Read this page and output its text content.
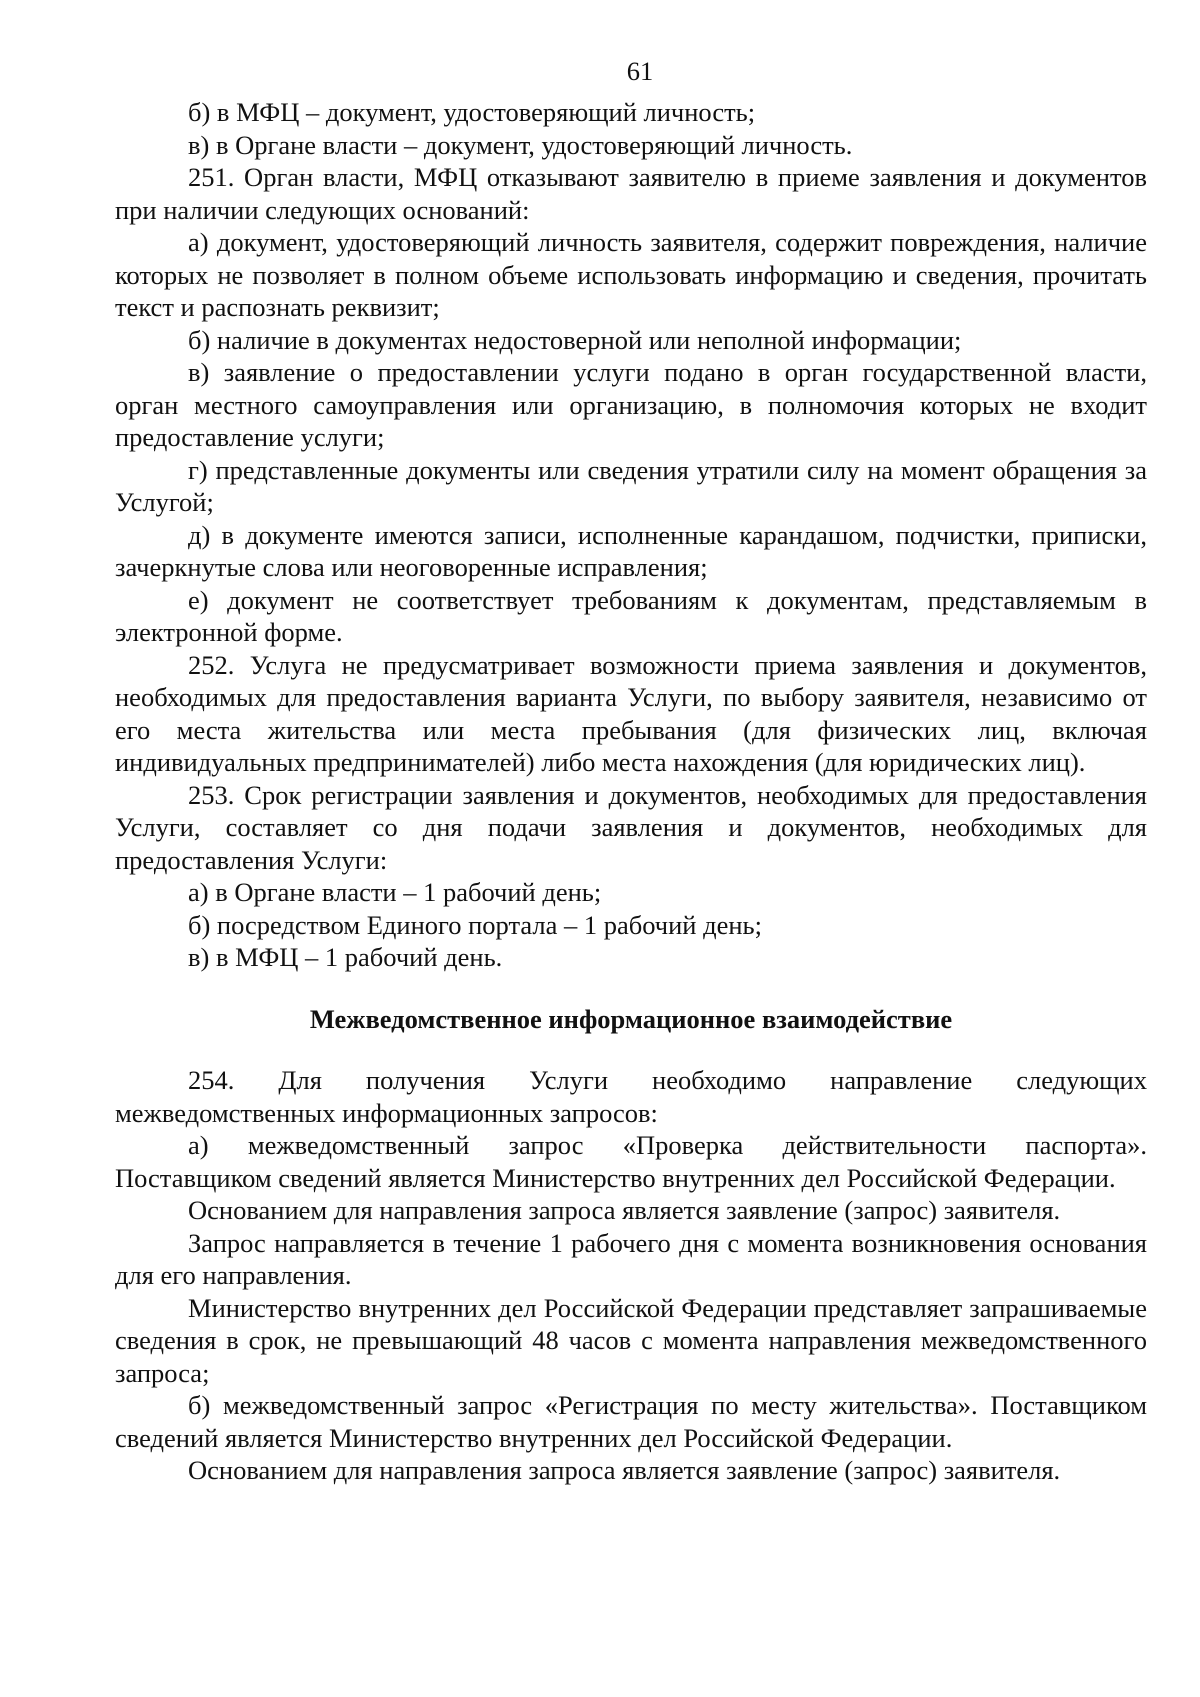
61

б) в МФЦ – документ, удостоверяющий личность;

в) в Органе власти – документ, удостоверяющий личность.

251. Орган власти, МФЦ отказывают заявителю в приеме заявления и документов при наличии следующих оснований:

а) документ, удостоверяющий личность заявителя, содержит повреждения, наличие которых не позволяет в полном объеме использовать информацию и сведения, прочитать текст и распознать реквизит;

б) наличие в документах недостоверной или неполной информации;

в) заявление о предоставлении услуги подано в орган государственной власти, орган местного самоуправления или организацию, в полномочия которых не входит предоставление услуги;

г) представленные документы или сведения утратили силу на момент обращения за Услугой;

д) в документе имеются записи, исполненные карандашом, подчистки, приписки, зачеркнутые слова или неоговоренные исправления;

е) документ не соответствует требованиям к документам, представляемым в электронной форме.

252. Услуга не предусматривает возможности приема заявления и документов, необходимых для предоставления варианта Услуги, по выбору заявителя, независимо от его места жительства или места пребывания (для физических лиц, включая индивидуальных предпринимателей) либо места нахождения (для юридических лиц).

253. Срок регистрации заявления и документов, необходимых для предоставления Услуги, составляет со дня подачи заявления и документов, необходимых для предоставления Услуги:

а) в Органе власти – 1 рабочий день;

б) посредством Единого портала – 1 рабочий день;

в) в МФЦ – 1 рабочий день.

Межведомственное информационное взаимодействие

254. Для получения Услуги необходимо направление следующих межведомственных информационных запросов:

а) межведомственный запрос «Проверка действительности паспорта». Поставщиком сведений является Министерство внутренних дел Российской Федерации.

Основанием для направления запроса является заявление (запрос) заявителя.

Запрос направляется в течение 1 рабочего дня с момента возникновения основания для его направления.

Министерство внутренних дел Российской Федерации представляет запрашиваемые сведения в срок, не превышающий 48 часов с момента направления межведомственного запроса;

б) межведомственный запрос «Регистрация по месту жительства». Поставщиком сведений является Министерство внутренних дел Российской Федерации.

Основанием для направления запроса является заявление (запрос) заявителя.
